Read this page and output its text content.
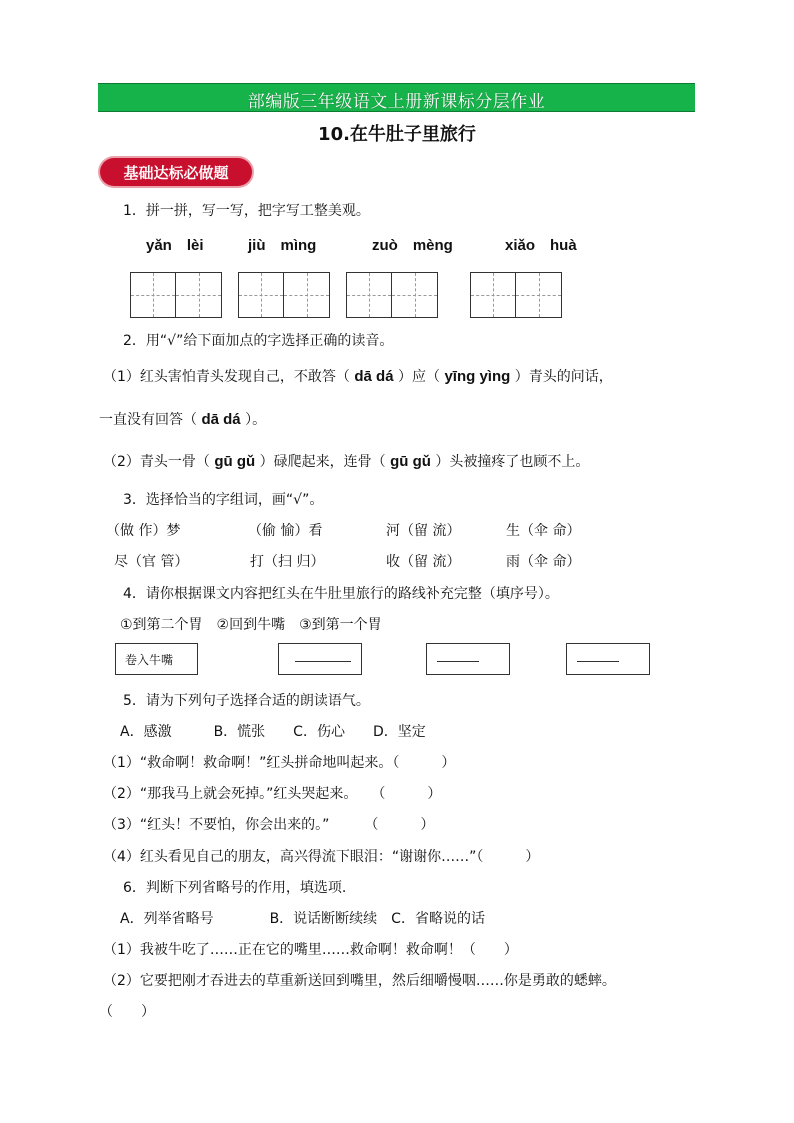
部编版三年级语文上册新课标分层作业
10.在牛肚子里旅行
基础达标必做题
1．拼一拼，写一写，把字写工整美观。
yǎn　lèi	jiù　mìng	zuò　mèng	xiǎo　huà
2．用“√”给下面加点的字选择正确的读音。
（1）红头害怕青头发现自己，不敢答（ dā dá ）应（ yīng yìng ）青头的问话，
一直没有回答（ dā dá ）。
（2）青头一骨（ gū gǔ ）碌爬起来，连骨（ gū gǔ ）头被撞疼了也顾不上。
3．选择恰当的字组词，画“√”。
（做 作）梦	（偷 愉）看	河（留 流）	生（伞 命）
尽（官 管）	打（扫 归）	收（留 流）	雨（伞 命）
4．请你根据课文内容把红头在牛肚里旅行的路线补充完整（填序号）。
①到第二个胃　②回到牛嘴　③到第一个胃
卷入牛嘴
5．请为下列句子选择合适的朗读语气。
A．感激　　　B．慌张　　C．伤心　　D．坚定
（1）“救命啊！救命啊！”红头拼命地叫起来。（　　　）
（2）“那我马上就会死掉。”红头哭起来。　　（　　　）
（3）“红头！不要怕，你会出来的。”　　　（　　　）
（4）红头看见自己的朋友，高兴得流下眼泪：“谢谢你……”（　　　）
6．判断下列省略号的作用，填选项.
A．列举省略号　　　　B．说话断断续续　C．省略说的话
（1）我被牛吃了……正在它的嘴里……救命啊！救命啊！（　　）
（2）它要把刚才吞进去的草重新送回到嘴里，然后细嚼慢咽……你是勇敢的蟋蟀。
（　　）
